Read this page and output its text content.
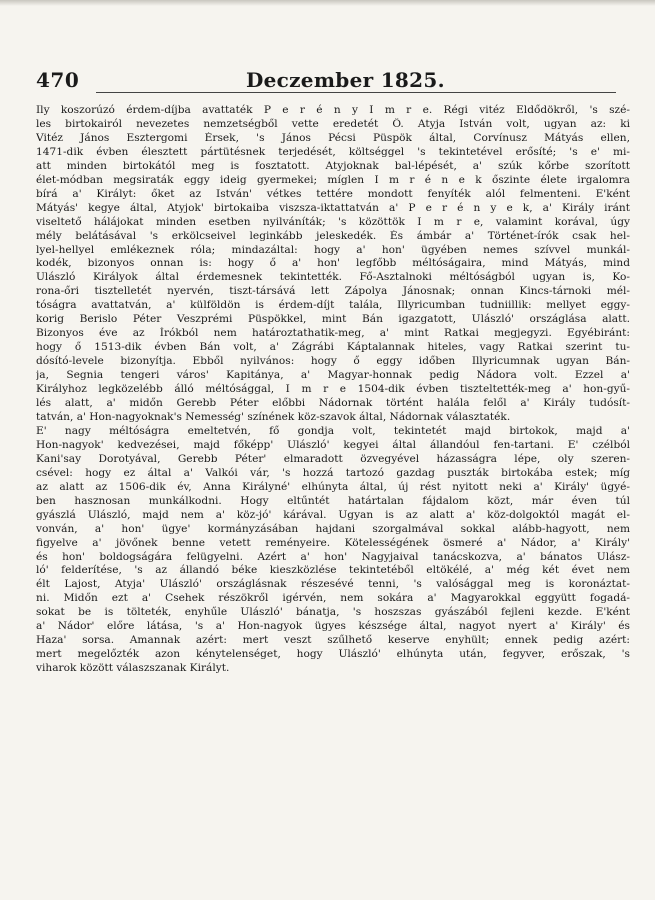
470	Deczember 1825.
Ily koszorúzó érdem-díjba avattaték P e r é n y I m r e. Régi vitéz Eldődökről, 's szé-
les birtokairól nevezetes nemzetségből vette eredetét Ö. Atyja István volt, ugyan az: ki
Vitéz János Esztergomi Érsek, 's János Pécsi Püspök által, Corvínusz Mátyás ellen,
1471-dik évben élesztett pártütésnek terjedését, költséggel 's tekintetével erősíté; 's e' mi-
att minden birtokától meg is fosztatott. Atyjoknak bal-lépését, a' szúk kőrbe szorított
élet-módban megsiraták eggy ideig gyermekei; míglen I m r é n e k őszinte élete irgalomra
bírá a' Királyt: őket az István' vétkes tettére mondott fenyíték alól felmenteni. E'ként
Mátyás' kegye által, Atyjok' birtokaiba viszsza-iktattatván a' P e r é n y e k, a' Király iránt
viseltető hálájokat minden esetben nyilváníták; 's közöttök I m r e, valamint korával, úgy
mély belátásával 's erkölcseivel leginkább jeleskedék. És ámbár a' Történet-írók csak hel-
lyel-hellyel emlékeznek róla; mindazáltal: hogy a' hon' ügyében nemes szívvel munkál-
kodék, bizonyos onnan is: hogy ő a' hon' legfőbb méltóságaira, mind Mátyás, mind
Ulászló Királyok által érdemesnek tekintették. Fő-Asztalnoki méltóságból ugyan is, Ko-
rona-őri tisztelletét nyervén, tiszt-társává lett Zápolya Jánosnak; onnan Kincs-tárnoki mél-
tóságra avattatván, a' külföldön is érdem-díjt talála, Illyricumban tudniillik: mellyet eggy-
korig Berislo Péter Veszprémi Püspökkel, mint Bán igazgatott, Ulászló' országlása alatt.
Bizonyos éve az Írókból nem határoztathatik-meg, a' mint Ratkai megjegyzi. Egyébiránt:
hogy ő 1513-dik évben Bán volt, a' Zágrábi Káptalannak hiteles, vagy Ratkai szerint tu-
dósító-levele bizonyítja. Ebből nyilvános: hogy ő eggy időben Illyricumnak ugyan Bán-
ja, Segnia tengeri város' Kapitánya, a' Magyar-honnak pedig Nádora volt. Ezzel a'
Királyhoz legközelébb álló méltósággal, I m r e 1504-dik évben tiszteltették-meg a' hon-gyű-
lés alatt, a' midőn Gerebb Péter előbbi Nádornak történt halála felől a' Király tudósít-
tatván, a' Hon-nagyoknak's Nemesség' színének köz-szavok által, Nádornak választaték.
E' nagy méltóságra emeltetvén, fő gondja volt, tekintetét majd birtokok, majd a'
Hon-nagyok' kedvezései, majd főképp' Ulászló' kegyei által állandóul fen-tartani. E' czélból
Kani'say Dorotyával, Gerebb Péter' elmaradott özvegyével házasságra lépe, oly szeren-
csével: hogy ez által a' Valkói vár, 's hozzá tartozó gazdag puszták birtokába estek; míg
az alatt az 1506-dik év, Anna Királyné' elhúnyta által, új rést nyitott neki a' Király' ügyé-
ben hasznosan munkálkodni. Hogy eltűntét határtalan fájdalom közt, már éven túl
gyászlá Ulászló, majd nem a' köz-jó' kárával. Ugyan is az alatt a' köz-dolgoktól magát el-
vonván, a' hon' ügye' kormányzásában hajdani szorgalmával sokkal alább-hagyott, nem
figyelve a' jövőnek benne vetett reményeire. Kötelességének ösmeré a' Nádor, a' Király'
és hon' boldogságára felügyelni. Azért a' hon' Nagyjaival tanácskozva, a' bánatos Ulász-
ló' felderítése, 's az állandó béke kieszközlése tekintetéből eltökélé, a' még két évet nem
élt Lajost, Atyja' Ulászló' országlásnak részesévé tenni, 's valósággal meg is koronáztat-
ni. Midőn ezt a' Csehek részökről igérvén, nem sokára a' Magyarokkal eggyütt fogadá-
sokat be is tölteték, enyhűle Ulászló' bánatja, 's hoszszas gyászából fejleni kezde. E'ként
a' Nádor' előre látása, 's a' Hon-nagyok ügyes készsége által, nagyot nyert a' Király' és
Haza' sorsa. Amannak azért: mert veszt szűlhető keserve enyhült; ennek pedig azért:
mert megelőzték azon kénytelenséget, hogy Ulászló' elhúnyta után, fegyver, erőszak, 's
viharok között válaszszanak Királyt.
